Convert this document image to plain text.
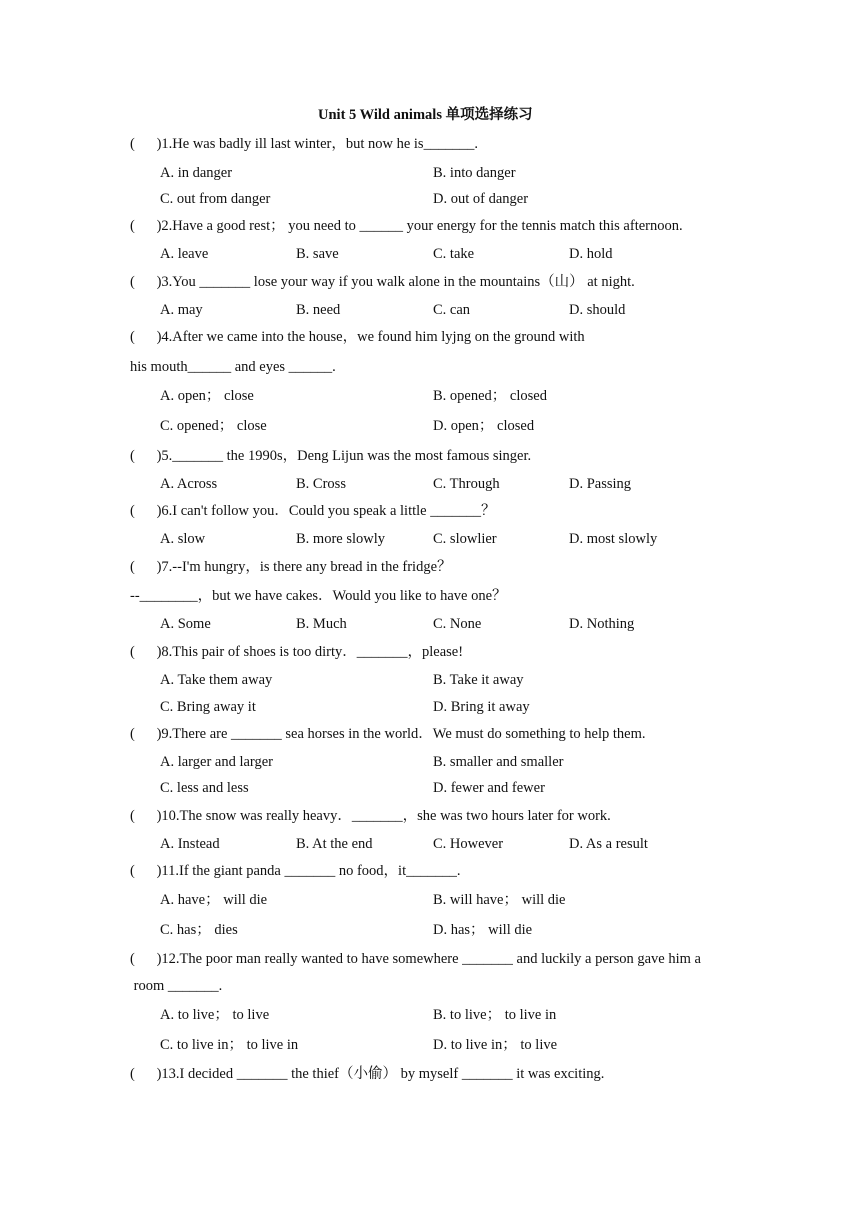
Unit 5 Wild animals 单项选择练习
(      )1.He was badly ill last winter，but now he is_______.
A. in danger	B. into danger
C. out from danger	D. out of danger
(      )2.Have a good rest； you need to ______ your energy for the tennis match this afternoon.
A. leave	B. save	C. take	D. hold
(      )3.You _______ lose your way if you walk alone in the mountains（山） at night.
A. may	B. need	C. can	D. should
(      )4.After we came into the house，we found him lyjng on the ground with
his mouth______ and eyes ______.
A. open； close	B. opened； closed
C. opened； close	D. open； closed
(      )5._______ the 1990s，Deng Lijun was the most famous singer.
A. Across	B. Cross	C. Through	D. Passing
(      )6.I can't follow you．Could you speak a little _______？
A. slow	B. more slowly	C. slowlier	D. most slowly
(      )7.--I'm hungry，is there any bread in the fridge？
--________，but we have cakes．Would you like to have one？
A. Some	B. Much	C. None	D. Nothing
(      )8.This pair of shoes is too dirty．_______，please!
A. Take them away	B. Take it away
C. Bring away it	D. Bring it away
(      )9.There are _______ sea horses in the world．We must do something to help them.
A. larger and larger	B. smaller and smaller
C. less and less	D. fewer and fewer
(      )10.The snow was really heavy．_______，she was two hours later for work.
A. Instead	B. At the end	C. However	D. As a result
(      )11.If the giant panda _______ no food，it_______.
A. have； will die	B. will have； will die
C. has； dies	D. has； will die
(      )12.The poor man really wanted to have somewhere _______ and luckily a person gave him a
room _______.
A. to live； to live	B. to live； to live in
C. to live in； to live in	D. to live in； to live
(      )13.I decided _______ the thief（小偷） by myself _______ it was exciting.
